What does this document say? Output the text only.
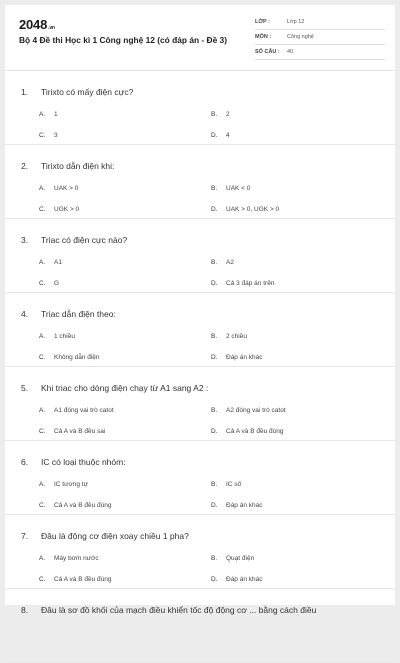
2048.vn
Bộ 4 Đề thi Học kì 1 Công nghệ 12 (có đáp án - Đề 3)
LỚP :	Lớp 12
MÔN :	Công nghệ
SỐ CÂU : 40
1. Tirixto có mấy điện cực?
A. 1	B. 2
C. 3	D. 4
2. Tirixto dẫn điện khi:
A. UAK > 0	B. UAK < 0
C. UGK > 0	D. UAK > 0, UGK > 0
3. Triac có điện cực nào?
A. A1	B. A2
C. G	D. Cả 3 đáp án trên
4. Triac dẫn điện theo:
A. 1 chiều	B. 2 chiều
C. Không dẫn điện	D. Đáp án khác
5. Khi triac cho dòng điện chạy từ A1 sang A2 :
A. A1 đóng vai trò catot	B. A2 đóng vai trò catot
C. Cả A và B đều sai	D. Cả A và B đều đúng
6. IC có loại thuộc nhóm:
A. IC tương tự	B. IC số
C. Cả A và B đều đúng	D. Đáp án khác
7. Đâu là động cơ điện xoay chiều 1 pha?
A. Máy bơm nước	B. Quạt điện
C. Cả A và B đều đúng	D. Đáp án khác
8. Đâu là sơ đồ khối của mạch điều khiển tốc độ động cơ ... bằng cách điều
